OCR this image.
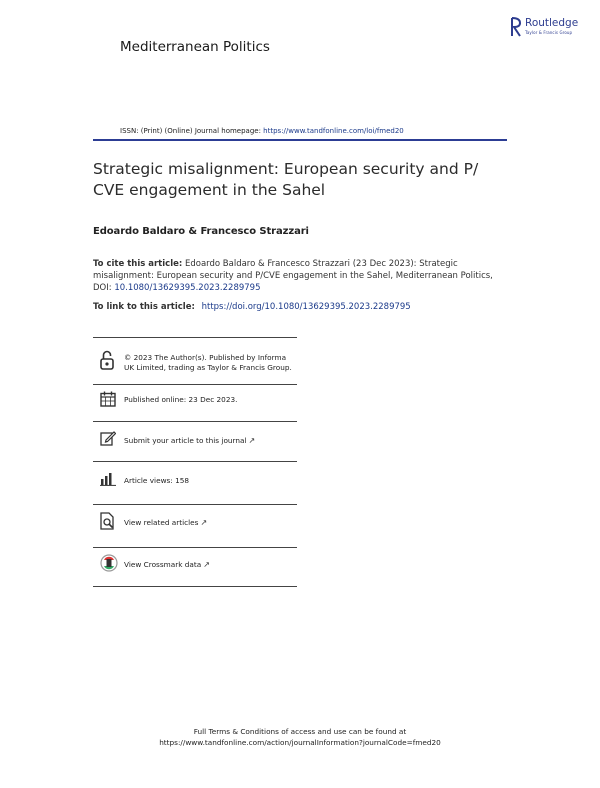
Mediterranean Politics
Routledge
Taylor & Francis Group
ISSN: (Print) (Online) Journal homepage: https://www.tandfonline.com/loi/fmed20
Strategic misalignment: European security and P/ CVE engagement in the Sahel
Edoardo Baldaro & Francesco Strazzari
To cite this article: Edoardo Baldaro & Francesco Strazzari (23 Dec 2023): Strategic misalignment: European security and P/CVE engagement in the Sahel, Mediterranean Politics, DOI: 10.1080/13629395.2023.2289795
To link to this article: https://doi.org/10.1080/13629395.2023.2289795
© 2023 The Author(s). Published by Informa UK Limited, trading as Taylor & Francis Group.
Published online: 23 Dec 2023.
Submit your article to this journal ↗
Article views: 158
View related articles ↗
View Crossmark data ↗
Full Terms & Conditions of access and use can be found at
https://www.tandfonline.com/action/journalInformation?journalCode=fmed20
